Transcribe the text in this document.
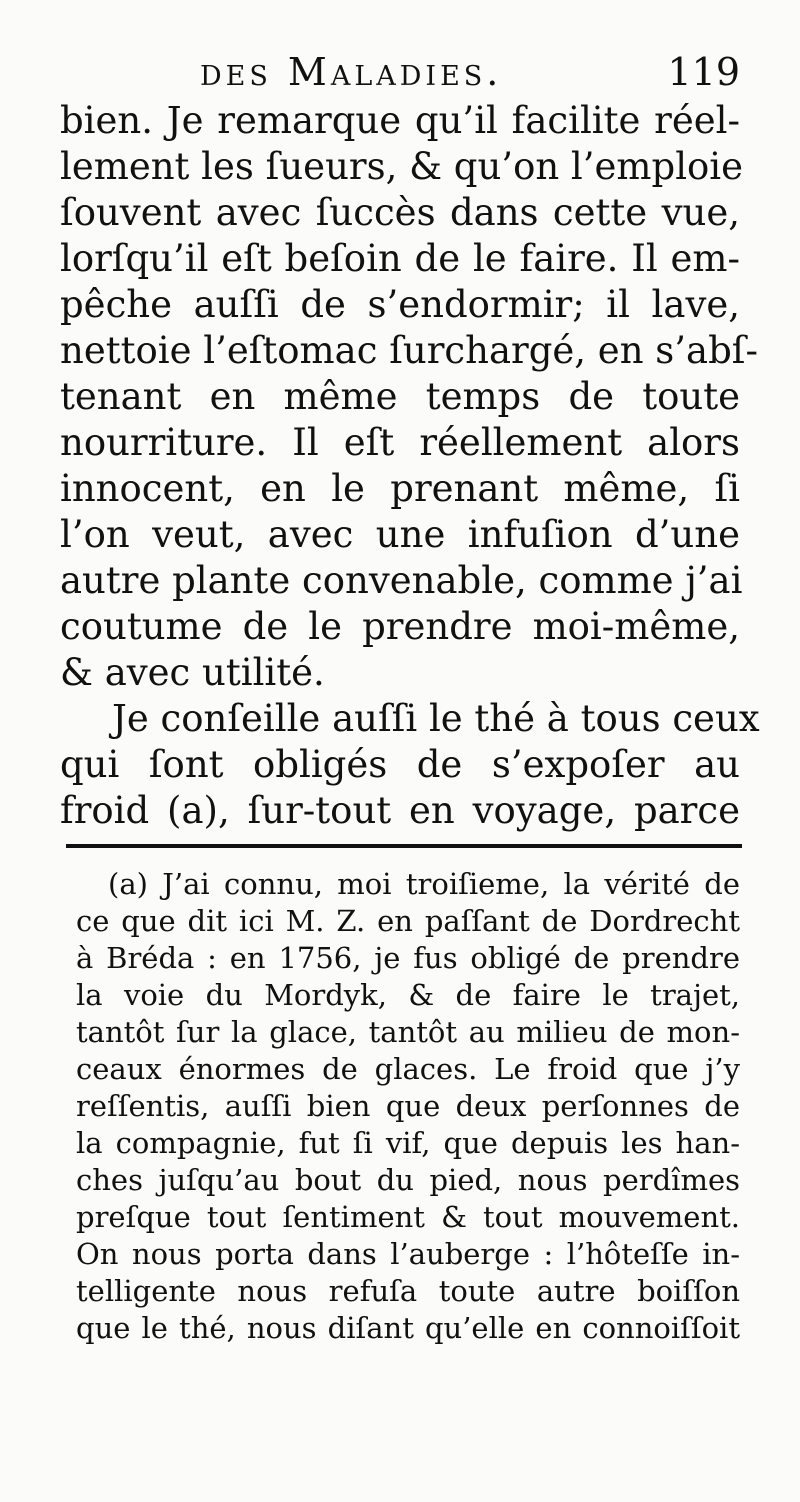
des Maladies.	119
bien. Je remarque qu’il facilite réel-
lement les ſueurs, & qu’on l’emploie
ſouvent avec ſuccès dans cette vue,
lorſqu’il eſt beſoin de le faire. Il em-
pêche auſſi de s’endormir; il lave,
nettoie l’eſtomac ſurchargé, en s’abſ-
tenant en même temps de toute
nourriture. Il eſt réellement alors
innocent, en le prenant même, ſi
l’on veut, avec une infuſion d’une
autre plante convenable, comme j’ai
coutume de le prendre moi-même,
& avec utilité.
Je conſeille auſſi le thé à tous ceux
qui ſont obligés de s’expoſer au
froid (a), ſur-tout en voyage, parce
(a) J’ai connu, moi troiſieme, la vérité de
ce que dit ici M. Z. en paſſant de Dordrecht
à Bréda : en 1756, je fus obligé de prendre
la voie du Mordyk, & de faire le trajet,
tantôt ſur la glace, tantôt au milieu de mon-
ceaux énormes de glaces. Le froid que j’y
reſſentis, auſſi bien que deux perſonnes de
la compagnie, fut ſi vif, que depuis les han-
ches juſqu’au bout du pied, nous perdîmes
preſque tout ſentiment & tout mouvement.
On nous porta dans l’auberge : l’hôteſſe in-
telligente nous refuſa toute autre boiſſon
que le thé, nous diſant qu’elle en connoiſſoit
